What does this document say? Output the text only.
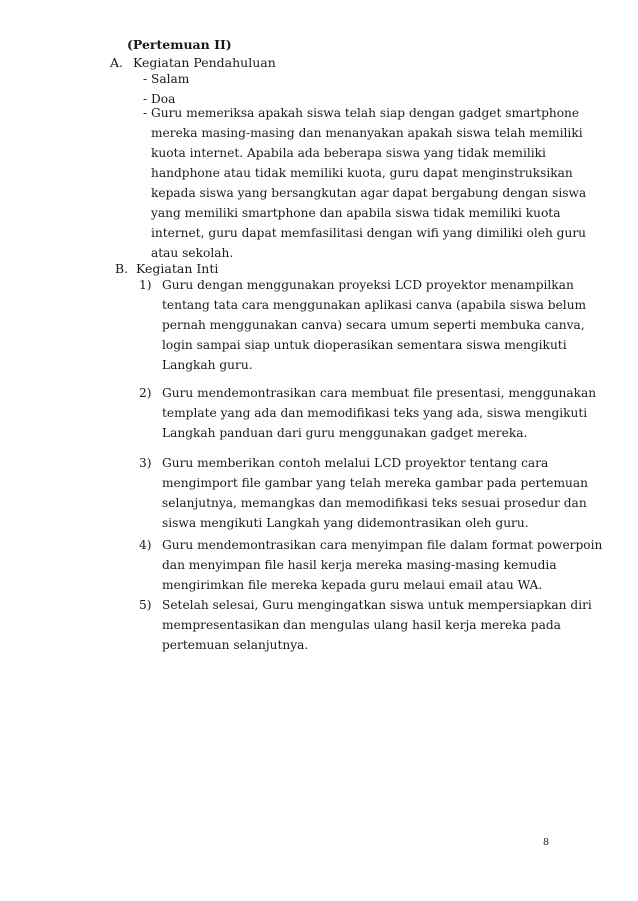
(Pertemuan II)
A. Kegiatan Pendahuluan
- Salam
- Doa
- Guru memeriksa apakah siswa telah siap dengan gadget smartphone
mereka masing-masing dan menanyakan apakah siswa telah memiliki
kuota internet. Apabila ada beberapa siswa yang tidak memiliki
handphone atau tidak memiliki kuota, guru dapat menginstruksikan
kepada siswa yang bersangkutan agar dapat bergabung dengan siswa
yang memiliki smartphone dan apabila siswa tidak memiliki kuota
internet, guru dapat memfasilitasi dengan wifi yang dimiliki oleh guru
atau sekolah.
B. Kegiatan Inti
1) Guru dengan menggunakan proyeksi LCD proyektor menampilkan
tentang tata cara menggunakan aplikasi canva (apabila siswa belum
pernah menggunakan canva) secara umum seperti membuka canva,
login sampai siap untuk dioperasikan sementara siswa mengikuti
Langkah guru.
2) Guru mendemontrasikan cara membuat file presentasi, menggunakan
template yang ada dan memodifikasi teks yang ada, siswa mengikuti
Langkah panduan dari guru menggunakan gadget mereka.
3) Guru memberikan contoh melalui LCD proyektor tentang cara
mengimport file gambar yang telah mereka gambar pada pertemuan
selanjutnya, memangkas dan memodifikasi teks sesuai prosedur dan
siswa mengikuti Langkah yang didemontrasikan oleh guru.
4) Guru mendemontrasikan cara menyimpan file dalam format powerpoin
dan menyimpan file hasil kerja mereka masing-masing kemudia
mengirimkan file mereka kepada guru melaui email atau WA.
5) Setelah selesai, Guru mengingatkan siswa untuk mempersiapkan diri
mempresentasikan dan mengulas ulang hasil kerja mereka pada
pertemuan selanjutnya.
8
